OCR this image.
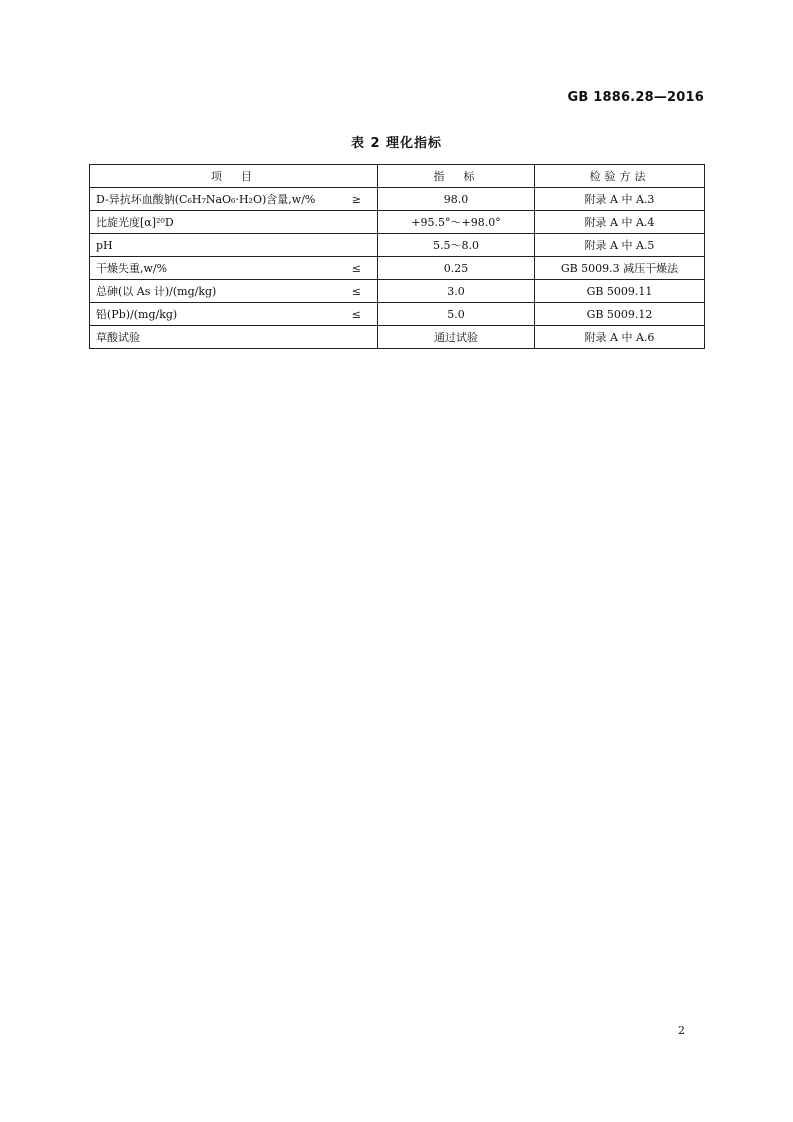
GB 1886.28—2016
表 2 理化指标
项　目	指　标	检验方法

D-异抗坏血酸钠(C₆H₇NaO₆·H₂O)含量,w/% ≥	98.0	附录 A 中 A.3

比旋光度[α]²⁰D	+95.5°～+98.0°	附录 A 中 A.4

pH	5.5～8.0	附录 A 中 A.5

干燥失重,w/% ≤	0.25	GB 5009.3 减压干燥法

总砷(以 As 计)/(mg/kg) ≤	3.0	GB 5009.11

铅(Pb)/(mg/kg) ≤	5.0	GB 5009.12

草酸试验	通过试验	附录 A 中 A.6
2
